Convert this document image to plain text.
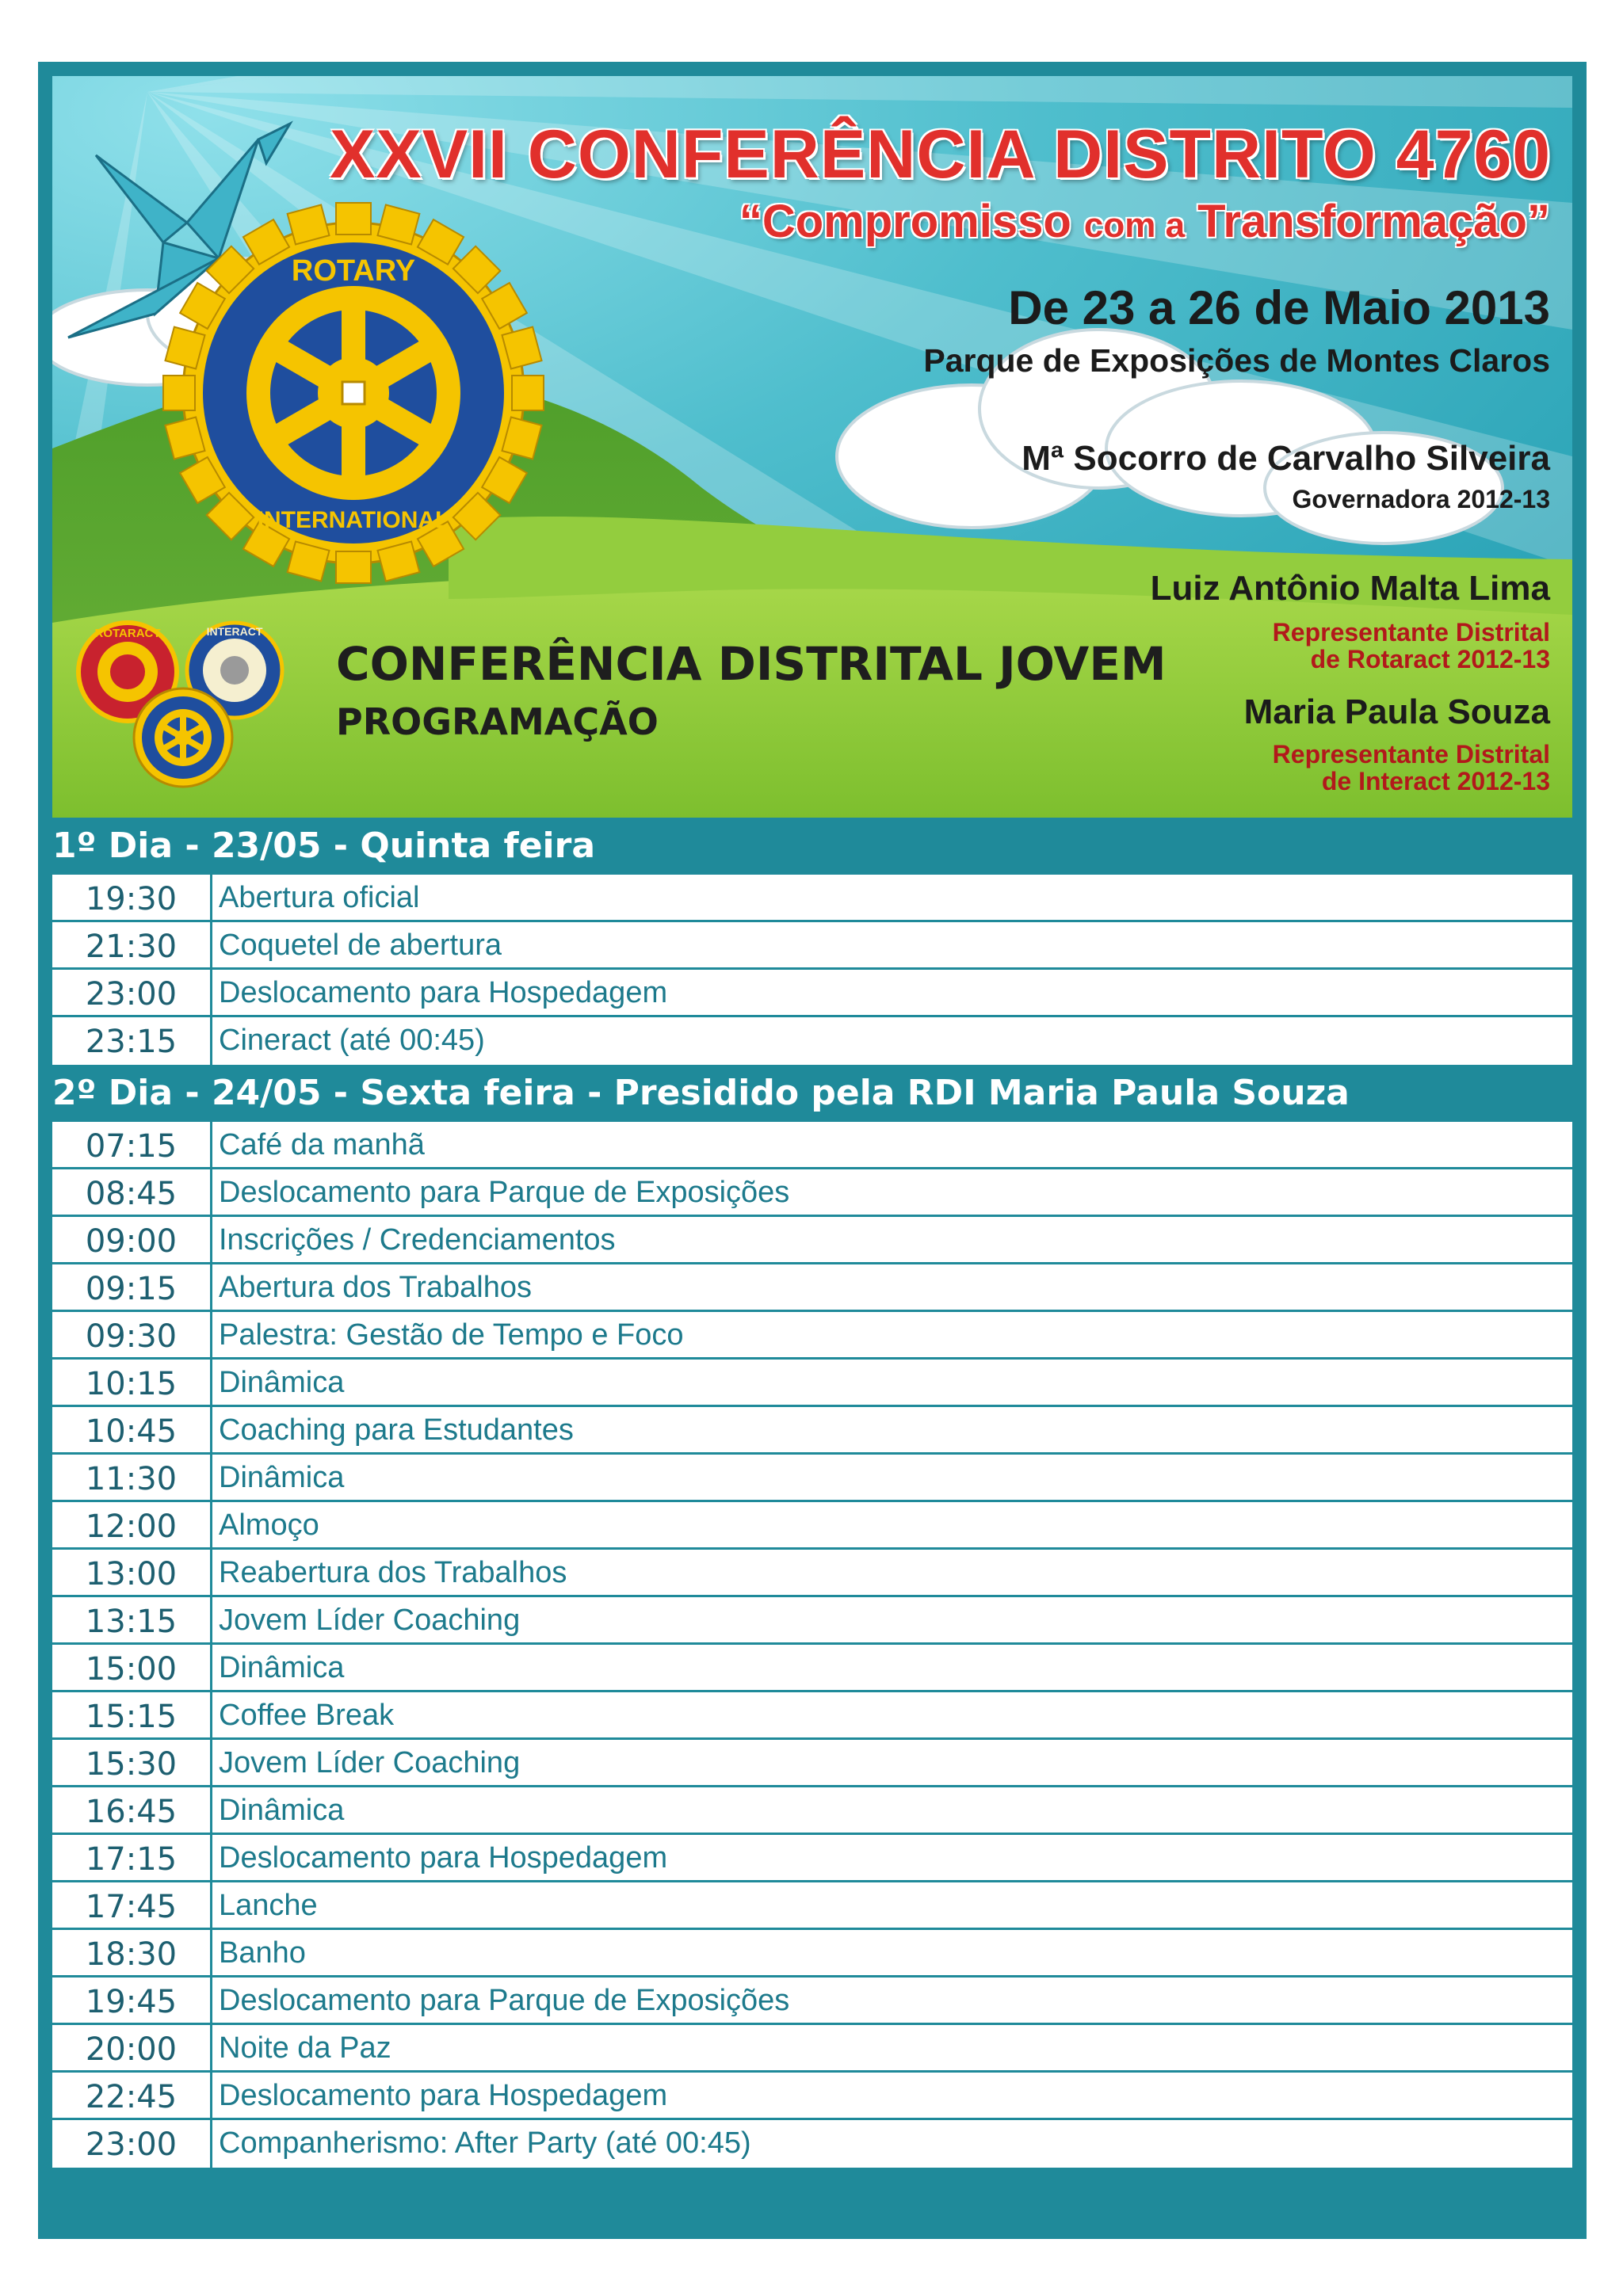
ROTARY
INTERNATIONAL
ROTARACT	INTERACT
XXVII CONFERÊNCIA DISTRITO 4760
“Compromisso com a Transformação”
De 23 a 26 de Maio 2013
Parque de Exposições de Montes Claros
Mª Socorro de Carvalho Silveira
Governadora 2012-13
Luiz Antônio Malta Lima
Representante Distrital
de Rotaract 2012-13
Maria Paula Souza
Representante Distrital
de Interact 2012-13
CONFERÊNCIA DISTRITAL JOVEM
PROGRAMAÇÃO
1º Dia - 23/05 - Quinta feira
19:30	Abertura oficial
21:30	Coquetel de abertura
23:00	Deslocamento para Hospedagem
23:15	Cineract (até 00:45)
2º Dia - 24/05 - Sexta feira - Presidido pela RDI Maria Paula Souza
07:15	Café da manhã
08:45	Deslocamento para Parque de Exposições
09:00	Inscrições / Credenciamentos
09:15	Abertura dos Trabalhos
09:30	Palestra: Gestão de Tempo e Foco
10:15	Dinâmica
10:45	Coaching para Estudantes
11:30	Dinâmica
12:00	Almoço
13:00	Reabertura dos Trabalhos
13:15	Jovem Líder Coaching
15:00	Dinâmica
15:15	Coffee Break
15:30	Jovem Líder Coaching
16:45	Dinâmica
17:15	Deslocamento para Hospedagem
17:45	Lanche
18:30	Banho
19:45	Deslocamento para Parque de Exposições
20:00	Noite da Paz
22:45	Deslocamento para Hospedagem
23:00	Companherismo: After Party (até 00:45)
